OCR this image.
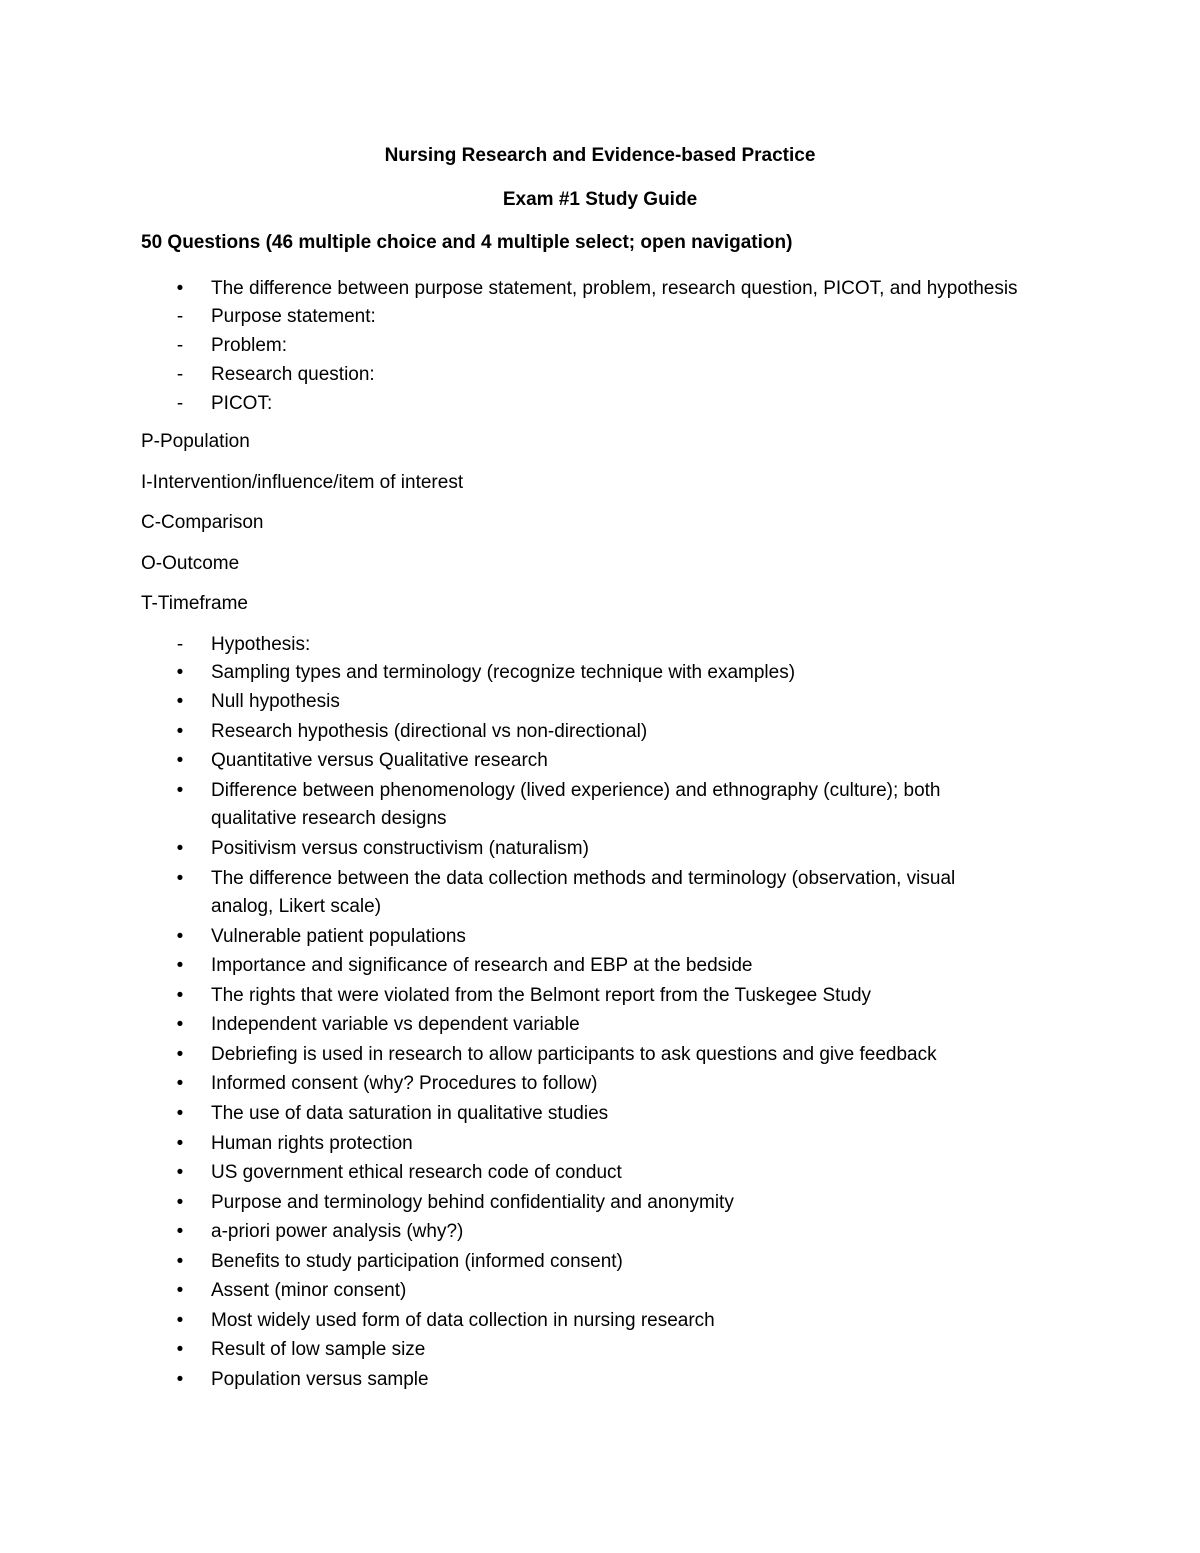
Nursing Research and Evidence-based Practice
Exam #1 Study Guide
50 Questions (46 multiple choice and 4 multiple select; open navigation)
• The difference between purpose statement, problem, research question, PICOT, and hypothesis
- Purpose statement:
- Problem:
- Research question:
- PICOT:
P-Population
I-Intervention/influence/item of interest
C-Comparison
O-Outcome
T-Timeframe
- Hypothesis:
• Sampling types and terminology (recognize technique with examples)
• Null hypothesis
• Research hypothesis (directional vs non-directional)
• Quantitative versus Qualitative research
• Difference between phenomenology (lived experience) and ethnography (culture); both
qualitative research designs
• Positivism versus constructivism (naturalism)
• The difference between the data collection methods and terminology (observation, visual
analog, Likert scale)
• Vulnerable patient populations
• Importance and significance of research and EBP at the bedside
• The rights that were violated from the Belmont report from the Tuskegee Study
• Independent variable vs dependent variable
• Debriefing is used in research to allow participants to ask questions and give feedback
• Informed consent (why? Procedures to follow)
• The use of data saturation in qualitative studies
• Human rights protection
• US government ethical research code of conduct
• Purpose and terminology behind confidentiality and anonymity
• a-priori power analysis (why?)
• Benefits to study participation (informed consent)
• Assent (minor consent)
• Most widely used form of data collection in nursing research
• Result of low sample size
• Population versus sample
